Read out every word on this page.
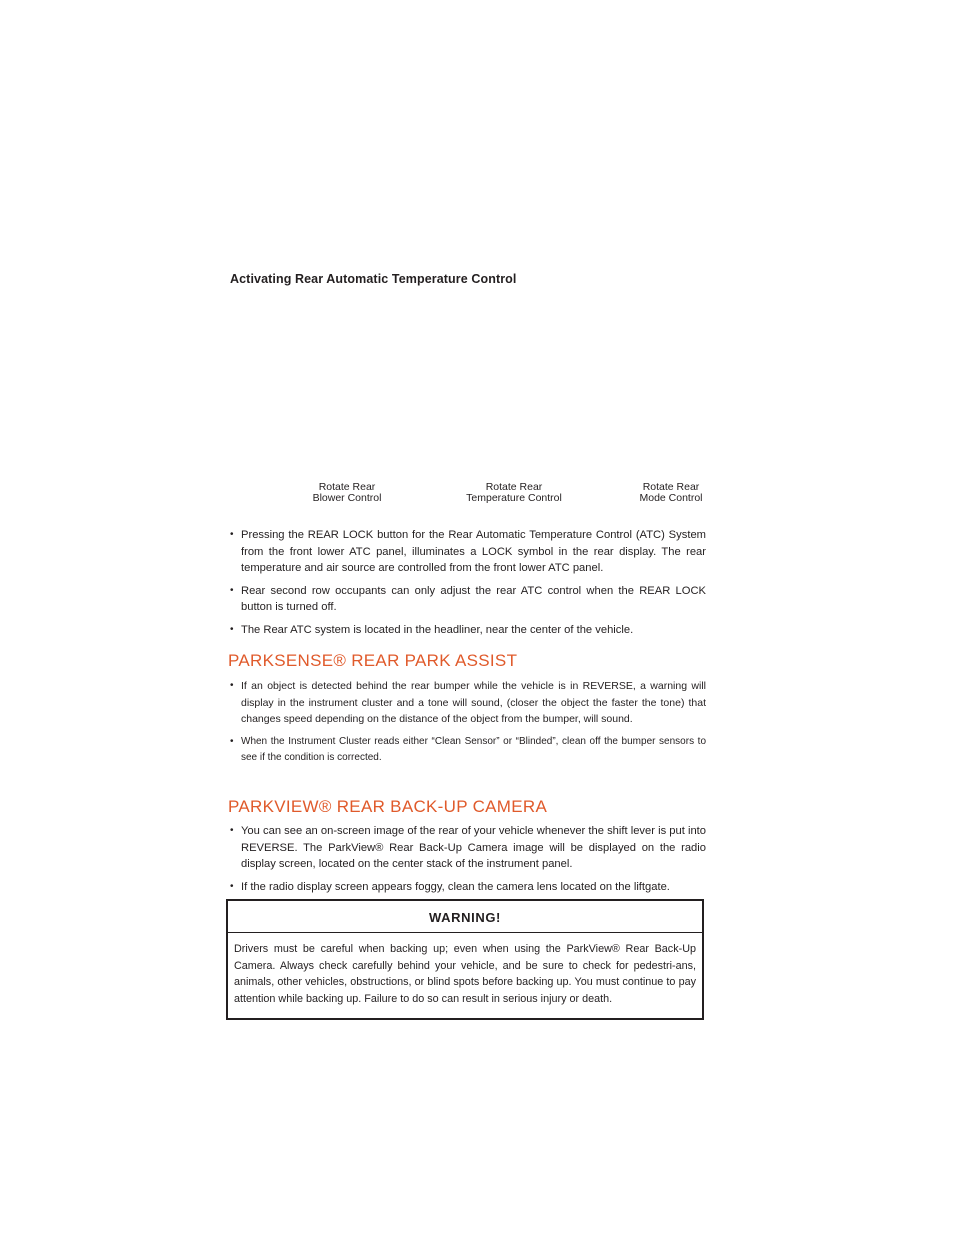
Activating Rear Automatic Temperature Control
Rotate Rear
Blower Control
Rotate Rear
Temperature Control
Rotate Rear
Mode Control
• Pressing the REAR LOCK button for the Rear Automatic Temperature Control (ATC) System from the front lower ATC panel, illuminates a LOCK symbol in the rear display. The rear temperature and air source are controlled from the front lower ATC panel.
• Rear second row occupants can only adjust the rear ATC control when the REAR LOCK button is turned off.
• The Rear ATC system is located in the headliner, near the center of the vehicle.
PARKSENSE® REAR PARK ASSIST
• If an object is detected behind the rear bumper while the vehicle is in REVERSE, a warning will display in the instrument cluster and a tone will sound, (closer the object the faster the tone) that changes speed depending on the distance of the object from the bumper, will sound.
• When the Instrument Cluster reads either “Clean Sensor” or “Blinded”, clean off the bumper sensors to see if the condition is corrected.
PARKVIEW® REAR BACK-UP CAMERA
• You can see an on-screen image of the rear of your vehicle whenever the shift lever is put into REVERSE. The ParkView® Rear Back-Up Camera image will be displayed on the radio display screen, located on the center stack of the instrument panel.
• If the radio display screen appears foggy, clean the camera lens located on the liftgate.
WARNING!
Drivers must be careful when backing up; even when using the ParkView® Rear Back-Up Camera. Always check carefully behind your vehicle, and be sure to check for pedestri-ans, animals, other vehicles, obstructions, or blind spots before backing up. You must continue to pay attention while backing up. Failure to do so can result in serious injury or death.
